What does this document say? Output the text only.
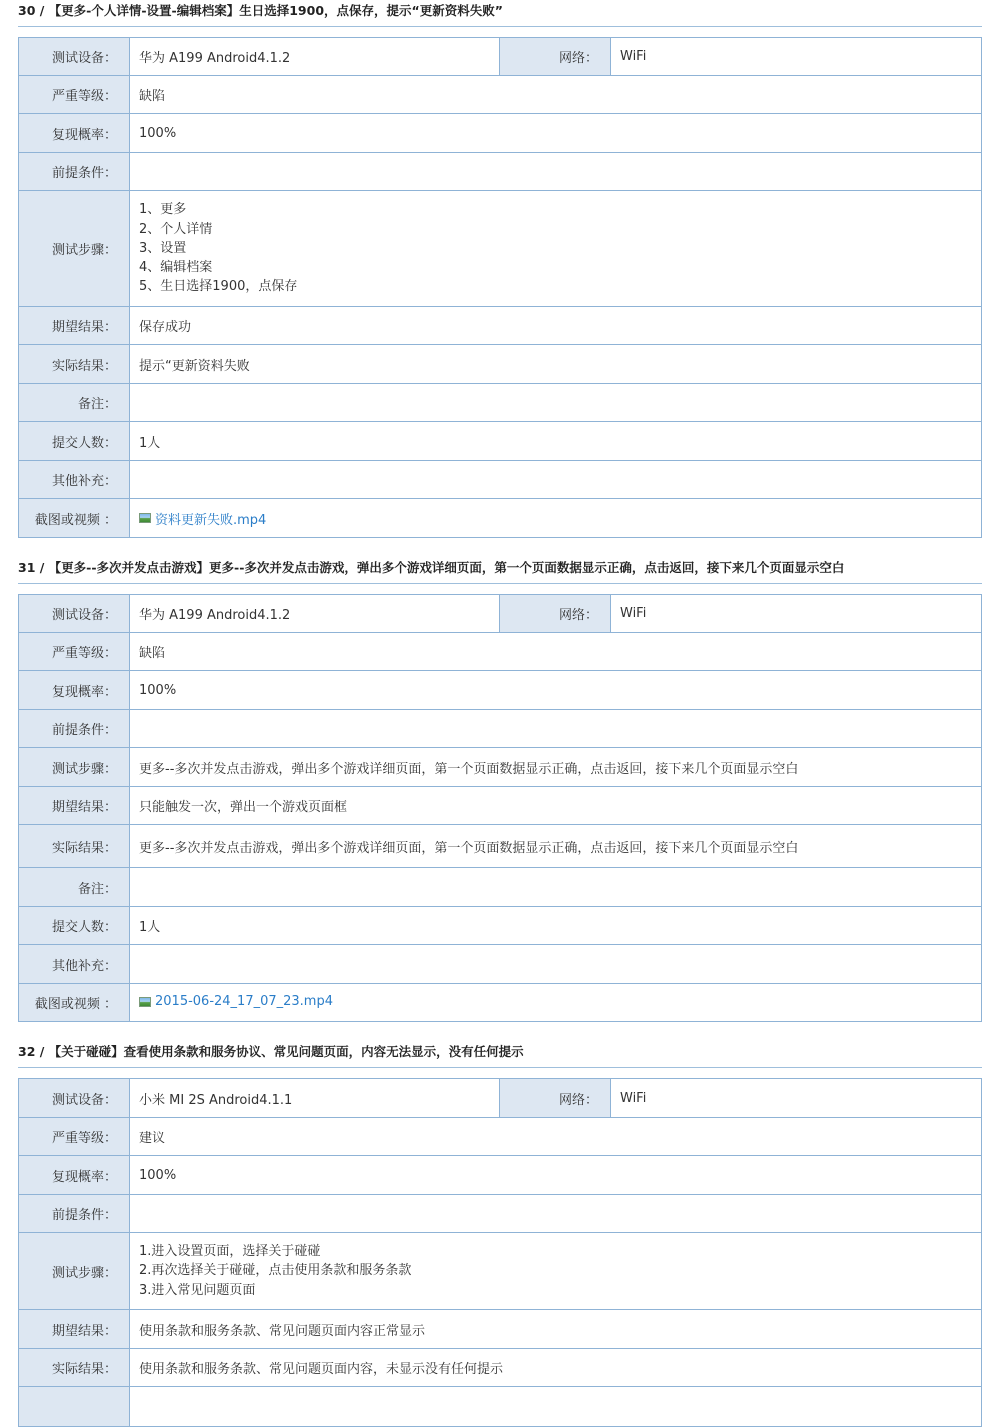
30 / 【更多-个人详情-设置-编辑档案】生日选择1900，点保存，提示“更新资料失败”
测试设备：	华为 A199 Android4.1.2	网络：	WiFi
严重等级：	缺陷		
复现概率：	100%		
前提条件：			
测试步骤：	1、更多
2、个人详情
3、设置
4、编辑档案
5、生日选择1900，点保存		

期望结果：	保存成功		
实际结果：	提示“更新资料失败		
备注：			
提交人数：	1人		
其他补充：			
截图或视频 ：	资料更新失败.mp4		
31 / 【更多--多次并发点击游戏】更多--多次并发点击游戏，弹出多个游戏详细页面，第一个页面数据显示正确，点击返回，接下来几个页面显示空白
测试设备：	华为 A199 Android4.1.2	网络：	WiFi
严重等级：	缺陷		
复现概率：	100%		
前提条件：			
测试步骤：	更多--多次并发点击游戏，弹出多个游戏详细页面，第一个页面数据显示正确，点击返回，接下来几个页面显示空白		
期望结果：	只能触发一次，弹出一个游戏页面框		
实际结果：	更多--多次并发点击游戏，弹出多个游戏详细页面，第一个页面数据显示正确，点击返回，接下来几个页面显示空白		
备注：			
提交人数：	1人		
其他补充：			
截图或视频 ：	2015-06-24_17_07_23.mp4		
32 / 【关于碰碰】查看使用条款和服务协议、常见问题页面，内容无法显示，没有任何提示
测试设备：	小米 MI 2S Android4.1.1	网络：	WiFi
严重等级：	建议		
复现概率：	100%		
前提条件：			
测试步骤：	1.进入设置页面，选择关于碰碰
2.再次选择关于碰碰，点击使用条款和服务条款
3.进入常见问题页面		

期望结果：	使用条款和服务条款、常见问题页面内容正常显示		
实际结果：	使用条款和服务条款、常见问题页面内容，未显示没有任何提示		
